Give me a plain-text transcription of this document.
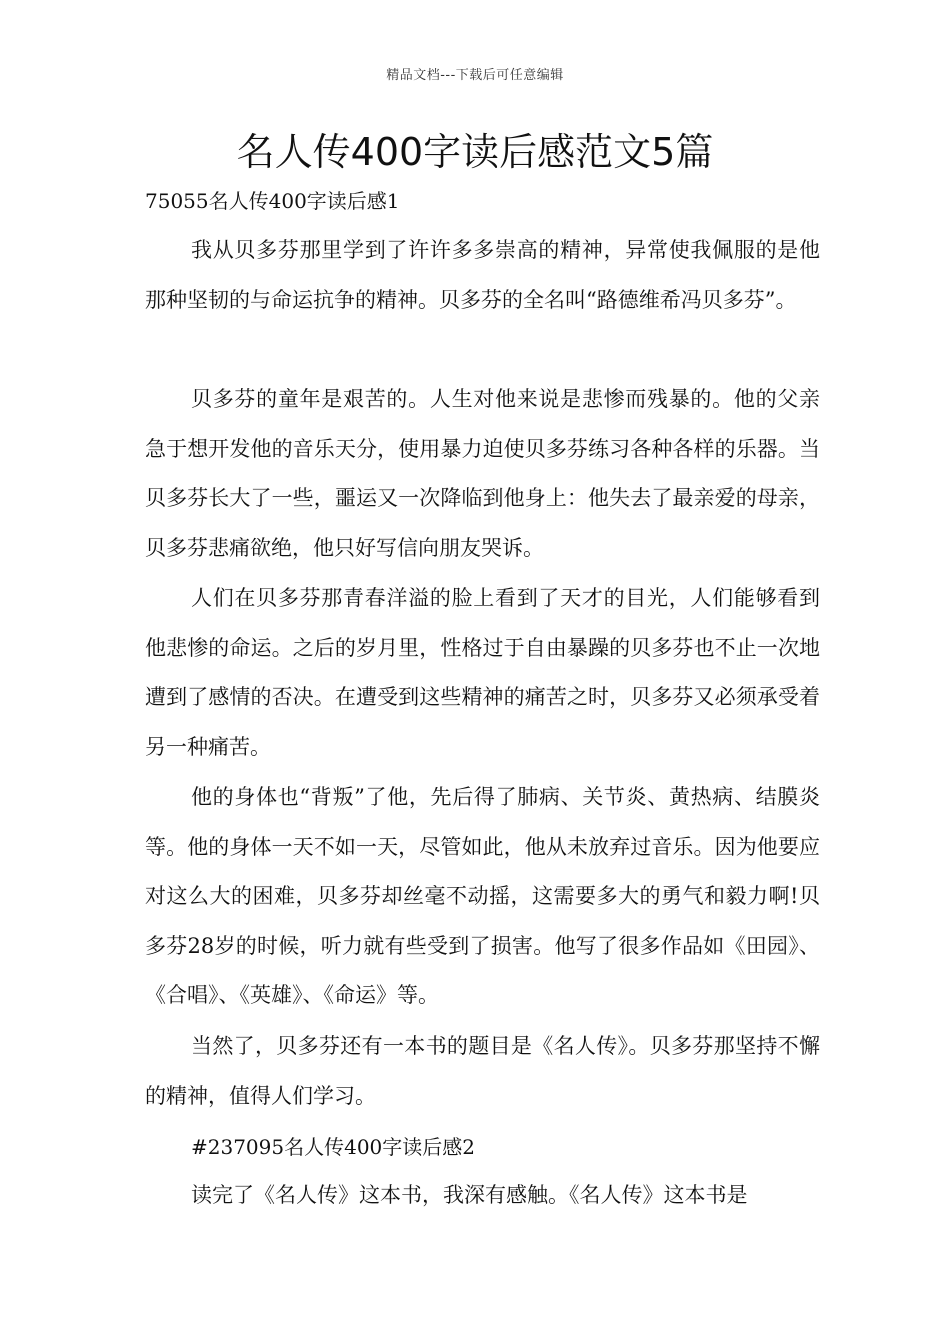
精品文档---下载后可任意编辑
名人传400字读后感范文5篇
75055名人传400字读后感1

我从贝多芬那里学到了许许多多崇高的精神，异常使我佩服的是他那种坚韧的与命运抗争的精神。贝多芬的全名叫“路德维希冯贝多芬”。

贝多芬的童年是艰苦的。人生对他来说是悲惨而残暴的。他的父亲急于想开发他的音乐天分，使用暴力迫使贝多芬练习各种各样的乐器。当贝多芬长大了一些，噩运又一次降临到他身上：他失去了最亲爱的母亲，贝多芬悲痛欲绝，他只好写信向朋友哭诉。

人们在贝多芬那青春洋溢的脸上看到了天才的目光，人们能够看到他悲惨的命运。之后的岁月里，性格过于自由暴躁的贝多芬也不止一次地遭到了感情的否决。在遭受到这些精神的痛苦之时，贝多芬又必须承受着另一种痛苦。

他的身体也“背叛”了他，先后得了肺病、关节炎、黄热病、结膜炎等。他的身体一天不如一天，尽管如此，他从未放弃过音乐。因为他要应对这么大的困难，贝多芬却丝毫不动摇，这需要多大的勇气和毅力啊!贝多芬28岁的时候，听力就有些受到了损害。他写了很多作品如《田园》、《合唱》、《英雄》、《命运》等。

当然了，贝多芬还有一本书的题目是《名人传》。贝多芬那坚持不懈的精神，值得人们学习。

#237095名人传400字读后感2

读完了《名人传》这本书，我深有感触。《名人传》这本书是
